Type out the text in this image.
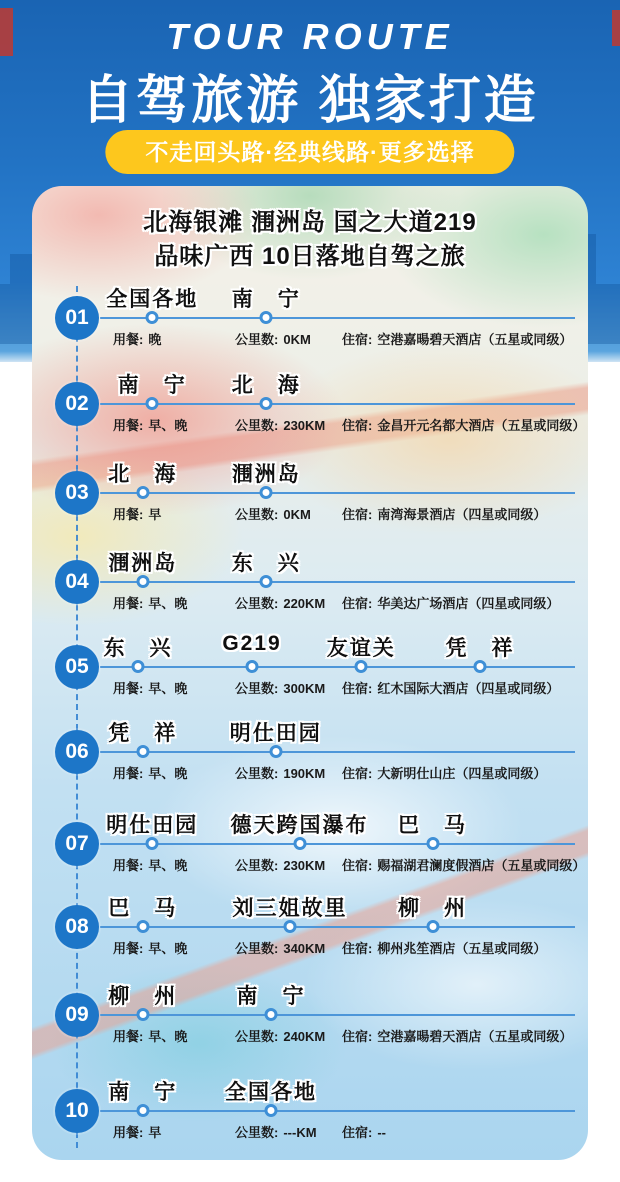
TOUR ROUTE
自驾旅游 独家打造
不走回头路·经典线路·更多选择
北海银滩 涠洲岛 国之大道219
品味广西 10日落地自驾之旅
01
全国各地 南　宁
用餐: 晚	公里数: 0KM 住宿: 空港嘉暘碧天酒店（五星或同级）
02
南　宁 北　海
用餐: 早、晚	公里数: 230KM 住宿: 金昌开元名都大酒店（五星或同级）
03
北　海	涠洲岛
用餐: 早	公里数: 0KM 住宿: 南湾海景酒店（四星或同级）
04
涠洲岛	东　兴
用餐: 早、晚	公里数: 220KM 住宿: 华美达广场酒店（四星或同级）
05
东　兴 G219 友谊关 凭　祥
用餐: 早、晚	公里数: 300KM 住宿: 红木国际大酒店（四星或同级）
06
凭　祥	明仕田园
用餐: 早、晚	公里数: 190KM 住宿: 大新明仕山庄（四星或同级）
07
明仕田园 德天跨国瀑布 巴　马
用餐: 早、晚	公里数: 230KM 住宿: 赐福湖君澜度假酒店（五星或同级）
08
巴　马	刘三姐故里 柳　州
用餐: 早、晚	公里数: 340KM 住宿: 柳州兆笙酒店（五星或同级）
09
柳　州	南　宁
用餐: 早、晚	公里数: 240KM 住宿: 空港嘉暘碧天酒店（五星或同级）
10
南　宁 全国各地
用餐: 早	公里数: ---KM 住宿: --
